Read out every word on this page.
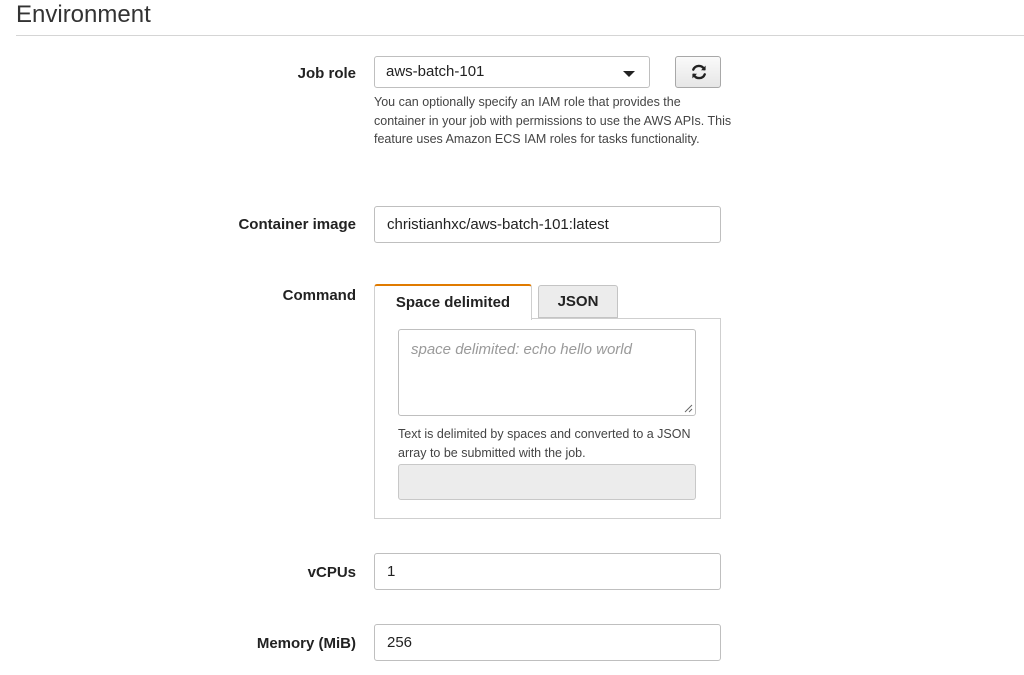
Environment
Job role	aws-batch-101
You can optionally specify an IAM role that provides the container in your job with permissions to use the AWS APIs. This feature uses Amazon ECS IAM roles for tasks functionality.
Container image	christianhxc/aws-batch-101:latest
Command	Space delimited	JSON
space delimited: echo hello world
Text is delimited by spaces and converted to a JSON array to be submitted with the job.
vCPUs	1
Memory (MiB)	256
